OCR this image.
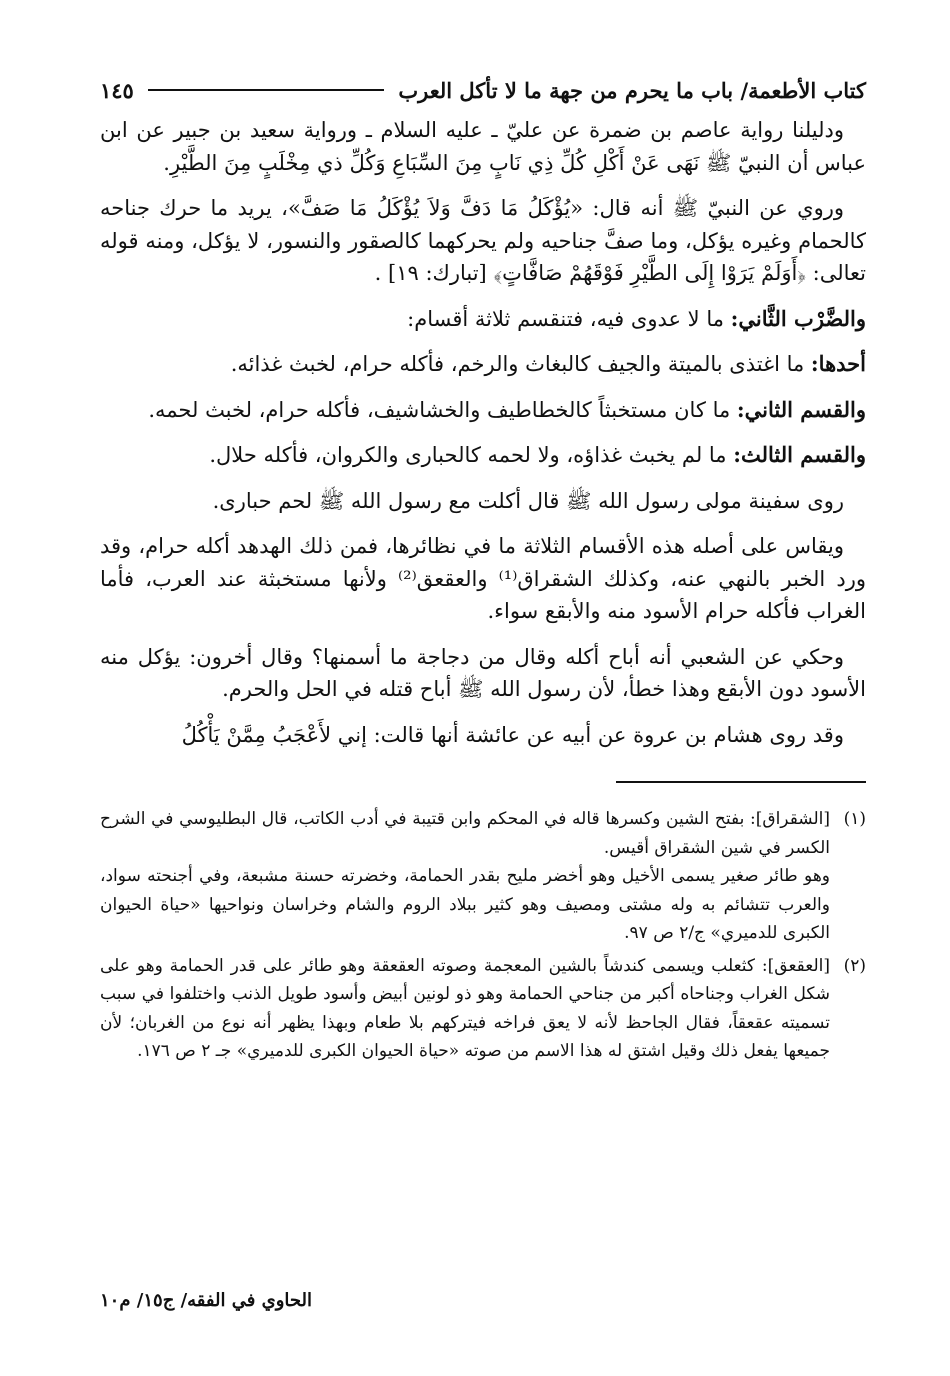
كتاب الأطعمة/ باب ما يحرم من جهة ما لا تأكل العرب
١٤٥

ودليلنا رواية عاصم بن ضمرة عن عليّ ـ عليه السلام ـ ورواية سعيد بن جبير عن ابن عباس أن النبيّ ﷺ نَهَى عَنْ أَكْلِ كُلِّ ذِي نَابٍ مِنَ السِّبَاعِ وَكُلِّ ذي مِخْلَبٍ مِنَ الطَّيْرِ.

وروي عن النبيّ ﷺ أنه قال: «يُؤْكَلُ مَا دَفَّ وَلاَ يُؤْكَلُ مَا صَفَّ»، يريد ما حرك جناحه كالحمام وغيره يؤكل، وما صفَّ جناحيه ولم يحركهما كالصقور والنسور، لا يؤكل، ومنه قوله تعالى: ﴿أَوَلَمْ يَرَوْا إِلَى الطَّيْرِ فَوْقَهُمْ صَافَّاتٍ﴾ [تبارك: ١٩] .

والضَّرْب الثَّاني: ما لا عدوى فيه، فتنقسم ثلاثة أقسام:

أحدها: ما اغتذى بالميتة والجيف كالبغاث والرخم، فأكله حرام، لخبث غذائه.

والقسم الثاني: ما كان مستخبثاً كالخطاطيف والخشاشيف، فأكله حرام، لخبث لحمه.

والقسم الثالث: ما لم يخبث غذاؤه، ولا لحمه كالحبارى والكروان، فأكله حلال.

روى سفينة مولى رسول الله ﷺ قال أكلت مع رسول الله ﷺ لحم حبارى.

ويقاس على أصله هذه الأقسام الثلاثة ما في نظائرها، فمن ذلك الهدهد أكله حرام، وقد ورد الخبر بالنهي عنه، وكذلك الشقراق⁽¹⁾ والعقعق⁽²⁾ ولأنها مستخبثة عند العرب، فأما الغراب فأكله حرام الأسود منه والأبقع سواء.

وحكي عن الشعبي أنه أباح أكله وقال من دجاجة ما أسمنها؟ وقال أخرون: يؤكل منه الأسود دون الأبقع وهذا خطأ، لأن رسول الله ﷺ أباح قتله في الحل والحرم.

وقد روى هشام بن عروة عن أبيه عن عائشة أنها قالت: إني لأَعْجَبُ مِمَّنْ يَأْكُلُ

(١)

[الشقراق]: بفتح الشين وكسرها قاله في المحكم وابن قتيبة في أدب الكاتب، قال البطليوسي في الشرح الكسر في شين الشقراق أقيس.

وهو طائر صغير يسمى الأخيل وهو أخضر مليح بقدر الحمامة، وخضرته حسنة مشبعة، وفي أجنحته سواد، والعرب تتشائم به وله مشتى ومصيف وهو كثير ببلاد الروم والشام وخراسان ونواحيها «حياة الحيوان الكبرى للدميري» ج/٢ ص ٩٧.

(٢)

[العقعق]: كثعلب ويسمى كندشاً بالشين المعجمة وصوته العقعقة وهو طائر على قدر الحمامة وهو على شكل الغراب وجناحاه أكبر من جناحي الحمامة وهو ذو لونين أبيض وأسود طويل الذنب واختلفوا في سبب تسميته عقعقاً، فقال الجاحظ لأنه لا يعق فراخه فيتركهم بلا طعام وبهذا يظهر أنه نوع من الغربان؛ لأن جميعها يفعل ذلك وقيل اشتق له هذا الاسم من صوته «حياة الحيوان الكبرى للدميري» جـ ٢ ص ١٧٦.

الحاوي في الفقه/ ج١٥/ م١٠
